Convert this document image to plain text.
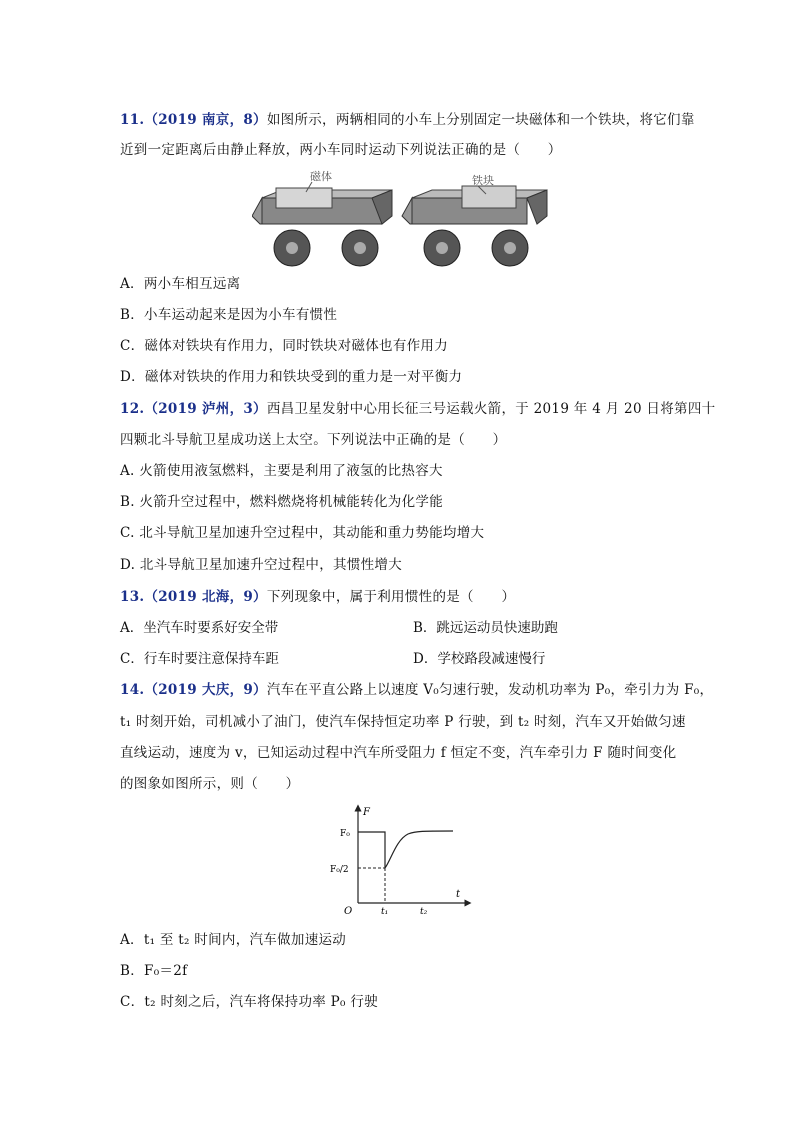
11.（2019 南京，8）如图所示，两辆相同的小车上分别固定一块磁体和一个铁块，将它们靠
近到一定距离后由静止释放，两小车同时运动下列说法正确的是（　　）
磁体	铁块
A．两小车相互远离
B．小车运动起来是因为小车有惯性
C．磁体对铁块有作用力，同时铁块对磁体也有作用力
D．磁体对铁块的作用力和铁块受到的重力是一对平衡力
12.（2019 泸州，3）西昌卫星发射中心用长征三号运载火箭，于 2019 年 4 月 20 日将第四十
四颗北斗导航卫星成功送上太空。下列说法中正确的是（　　）
A. 火箭使用液氢燃料，主要是利用了液氢的比热容大
B. 火箭升空过程中，燃料燃烧将机械能转化为化学能
C. 北斗导航卫星加速升空过程中，其动能和重力势能均增大
D. 北斗导航卫星加速升空过程中，其惯性增大
13.（2019 北海，9）下列现象中，属于利用惯性的是（　　）
A．坐汽车时要系好安全带	B．跳远运动员快速助跑
C．行车时要注意保持车距	D．学校路段减速慢行
14.（2019 大庆，9）汽车在平直公路上以速度 V₀匀速行驶，发动机功率为 P₀，牵引力为 F₀，
t₁ 时刻开始，司机减小了油门，使汽车保持恒定功率 P 行驶，到 t₂ 时刻，汽车又开始做匀速
直线运动，速度为 v，已知运动过程中汽车所受阻力 f 恒定不变，汽车牵引力 F 随时间变化
的图象如图所示，则（　　）
F
t
O
F₀
F₀/2
t₁	t₂
A．t₁ 至 t₂ 时间内，汽车做加速运动
B．F₀＝2f
C．t₂ 时刻之后，汽车将保持功率 P₀ 行驶
